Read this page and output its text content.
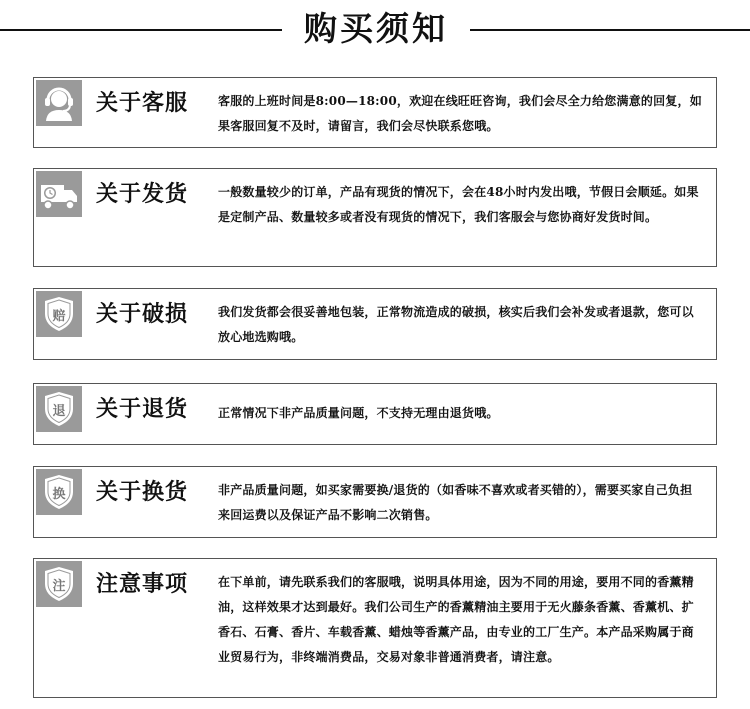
购买须知
关于客服 客服的上班时间是8:00—18:00，欢迎在线旺旺咨询，我们会尽全力给您满意的回复，如果客服回复不及时，请留言，我们会尽快联系您哦。
关于发货 一般数量较少的订单，产品有现货的情况下，会在48小时内发出哦，节假日会顺延。如果是定制产品、数量较多或者没有现货的情况下，我们客服会与您协商好发货时间。
赔	关于破损 我们发货都会很妥善地包装，正常物流造成的破损，核实后我们会补发或者退款，您可以放心地选购哦。
退	关于退货 正常情况下非产品质量问题，不支持无理由退货哦。
换	关于换货 非产品质量问题，如买家需要换/退货的（如香味不喜欢或者买错的），需要买家自己负担来回运费以及保证产品不影响二次销售。
注	注意事项 在下单前，请先联系我们的客服哦，说明具体用途，因为不同的用途，要用不同的香薰精油，这样效果才达到最好。我们公司生产的香薰精油主要用于无火藤条香薰、香薰机、扩香石、石膏、香片、车载香薰、蜡烛等香薰产品，由专业的工厂生产。本产品采购属于商业贸易行为，非终端消费品，交易对象非普通消费者，请注意。
